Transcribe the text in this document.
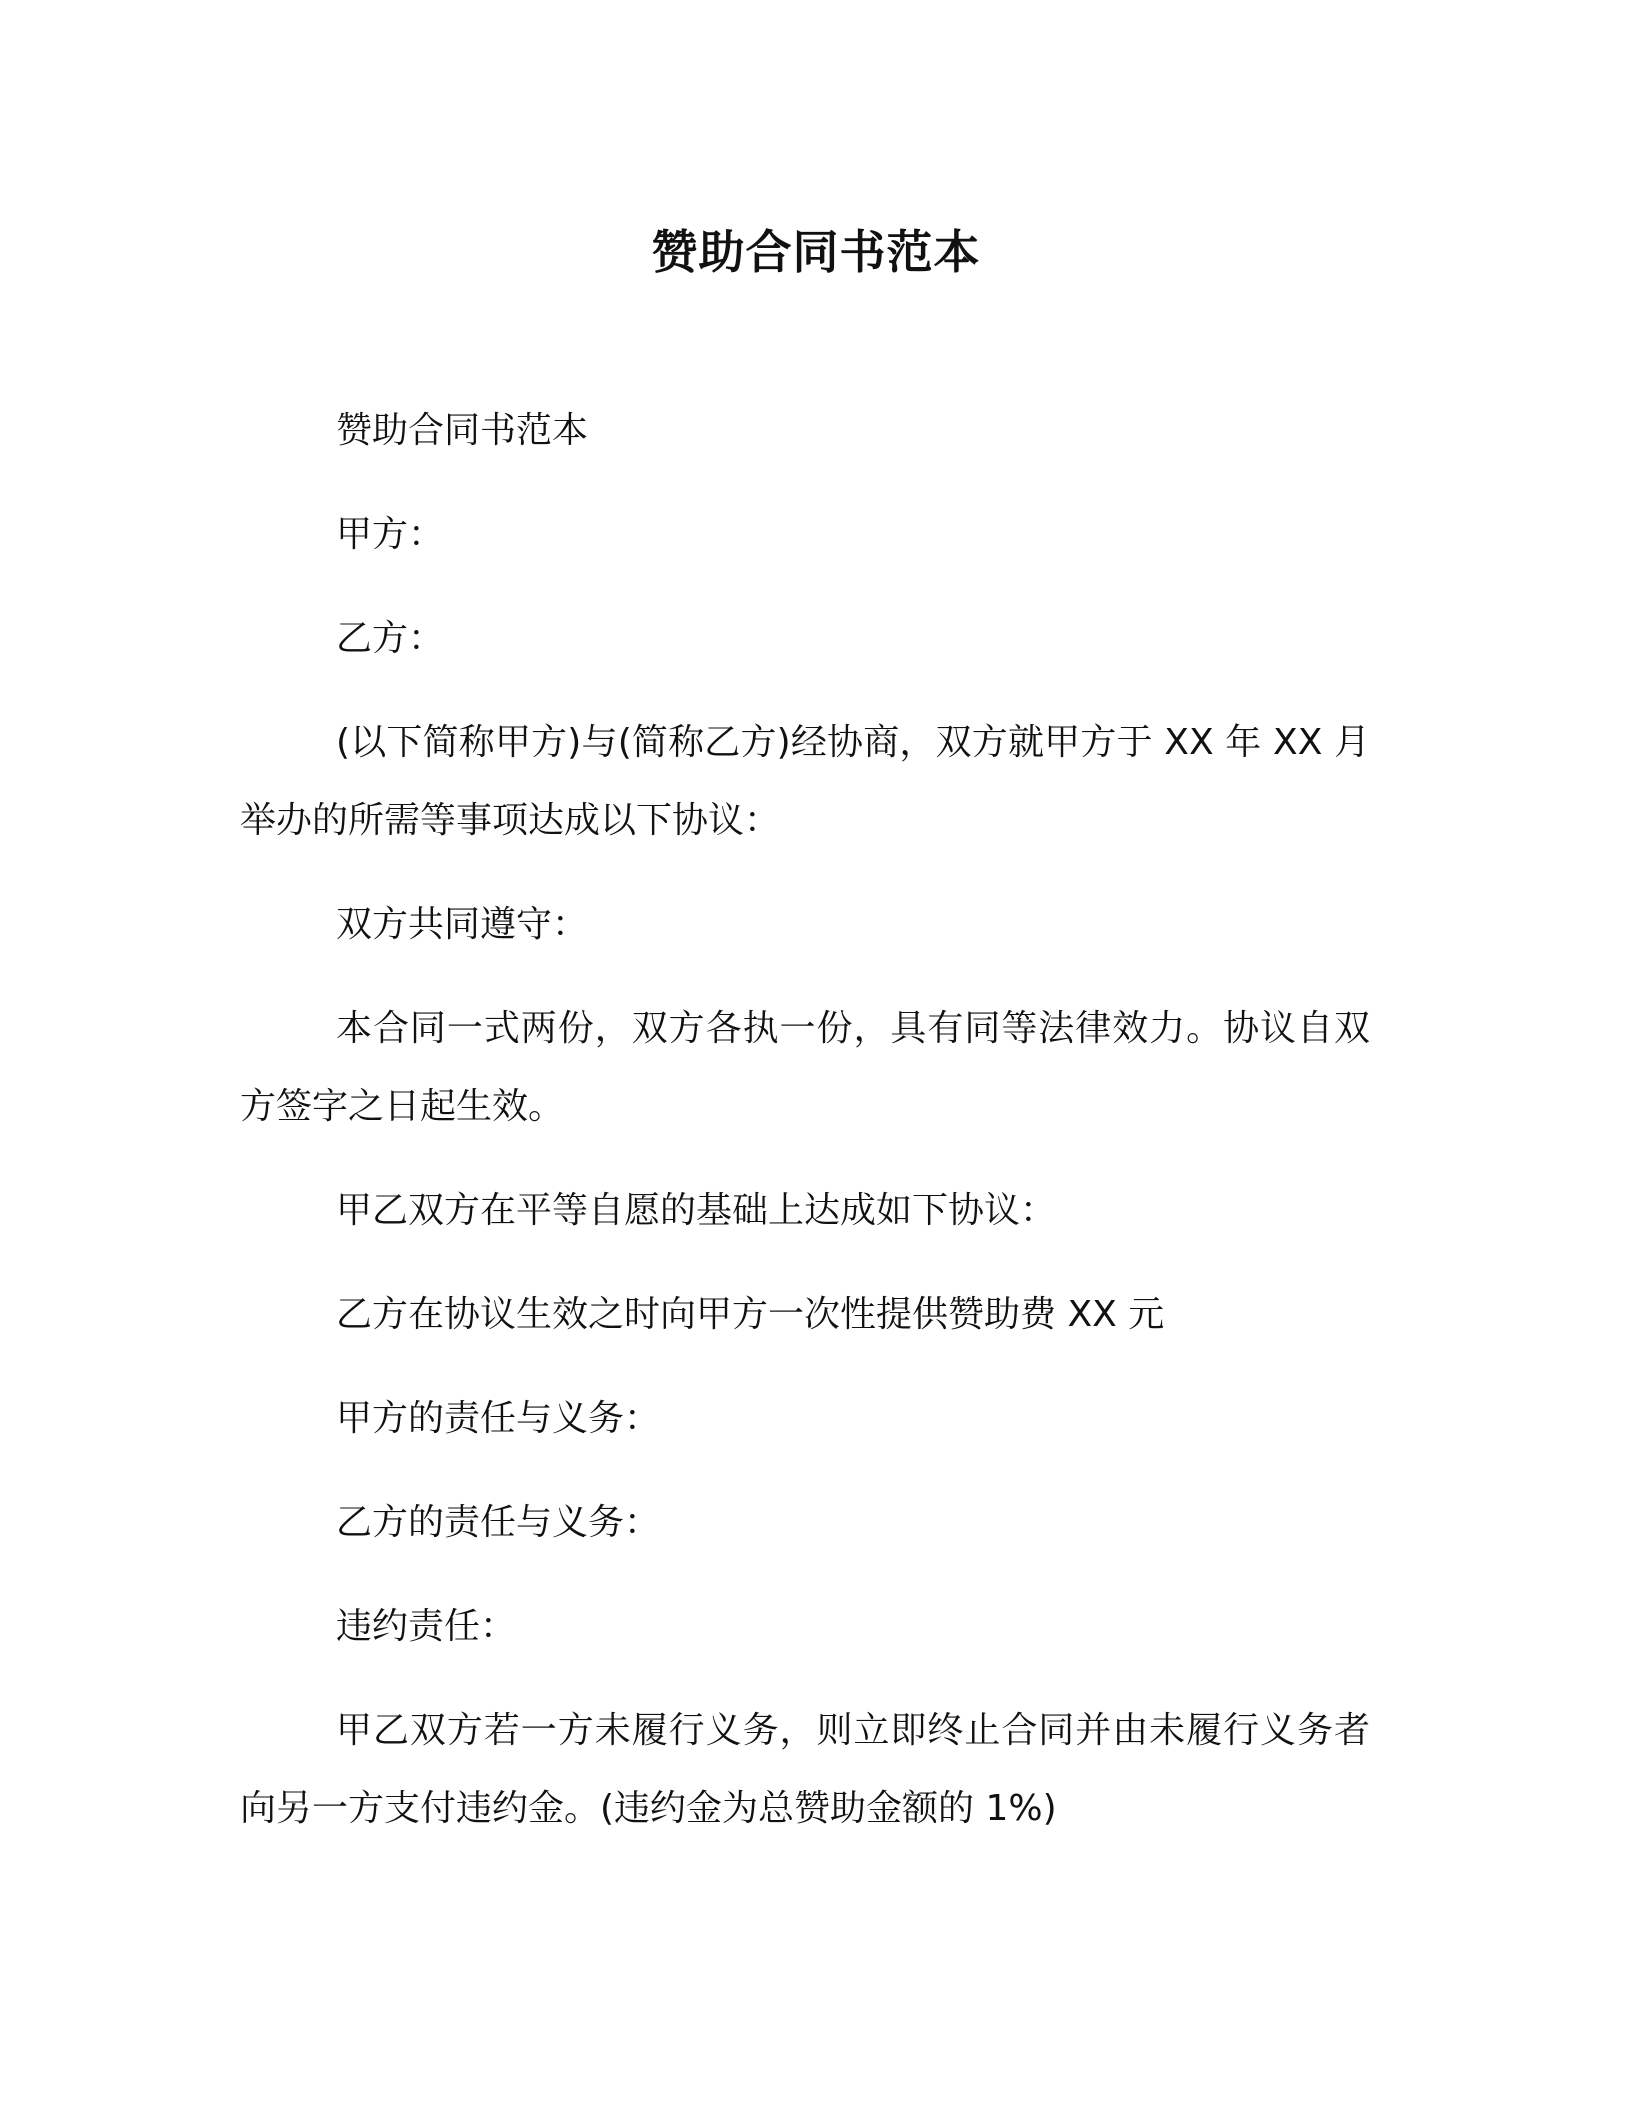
赞助合同书范本

赞助合同书范本

甲方：

乙方：

(以下简称甲方)与(简称乙方)经协商，双方就甲方于 XX 年 XX 月举办的所需等事项达成以下协议：

双方共同遵守：

本合同一式两份，双方各执一份，具有同等法律效力。协议自双方签字之日起生效。

甲乙双方在平等自愿的基础上达成如下协议：

乙方在协议生效之时向甲方一次性提供赞助费 XX 元

甲方的责任与义务：

乙方的责任与义务：

违约责任：

甲乙双方若一方未履行义务，则立即终止合同并由未履行义务者向另一方支付违约金。(违约金为总赞助金额的 1%)
